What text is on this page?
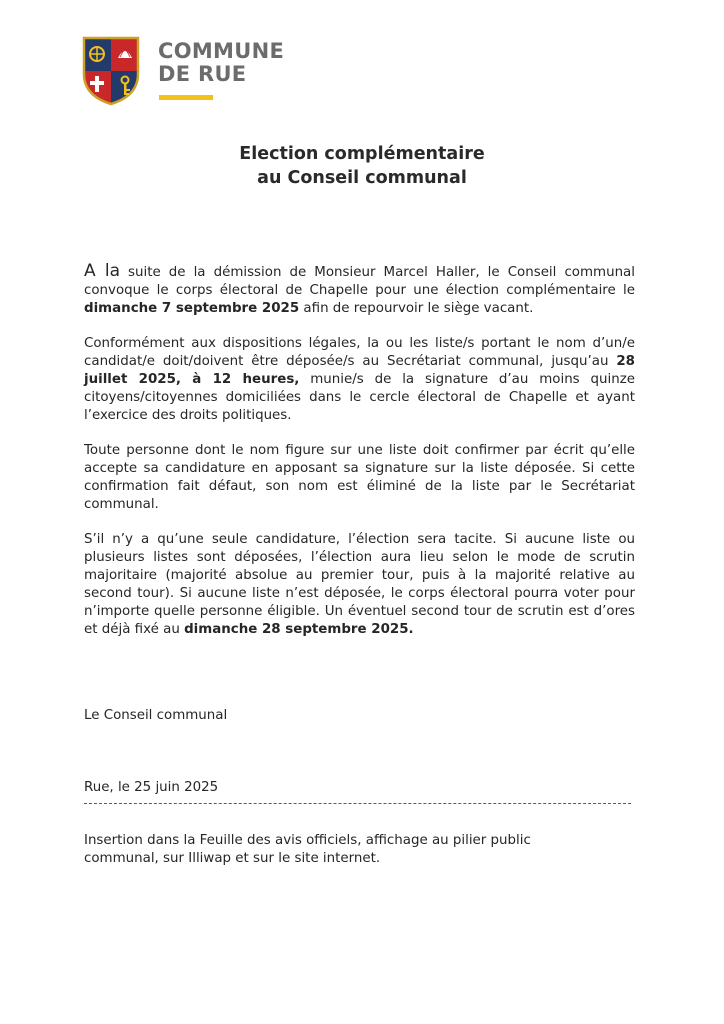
COMMUNE
DE RUE
Election complémentaire
au Conseil communal
A la suite de la démission de Monsieur Marcel Haller, le Conseil communal convoque le corps électoral de Chapelle pour une élection complémentaire le dimanche 7 septembre 2025 afin de repourvoir le siège vacant.
Conformément aux dispositions légales, la ou les liste/s portant le nom d’un/e candidat/e doit/doivent être déposée/s au Secrétariat communal, jusqu’au 28 juillet 2025, à 12 heures, munie/s de la signature d’au moins quinze citoyens/citoyennes domiciliées dans le cercle électoral de Chapelle et ayant l’exercice des droits politiques.
Toute personne dont le nom figure sur une liste doit confirmer par écrit qu’elle accepte sa candidature en apposant sa signature sur la liste déposée. Si cette confirmation fait défaut, son nom est éliminé de la liste par le Secrétariat communal.
S’il n’y a qu’une seule candidature, l’élection sera tacite. Si aucune liste ou plusieurs listes sont déposées, l’élection aura lieu selon le mode de scrutin majoritaire (majorité absolue au premier tour, puis à la majorité relative au second tour). Si aucune liste n’est déposée, le corps électoral pourra voter pour n’importe quelle personne éligible. Un éventuel second tour de scrutin est d’ores et déjà fixé au dimanche 28 septembre 2025.
Le Conseil communal
Rue, le 25 juin 2025
Insertion dans la Feuille des avis officiels, affichage au pilier public
communal, sur Illiwap et sur le site internet.
